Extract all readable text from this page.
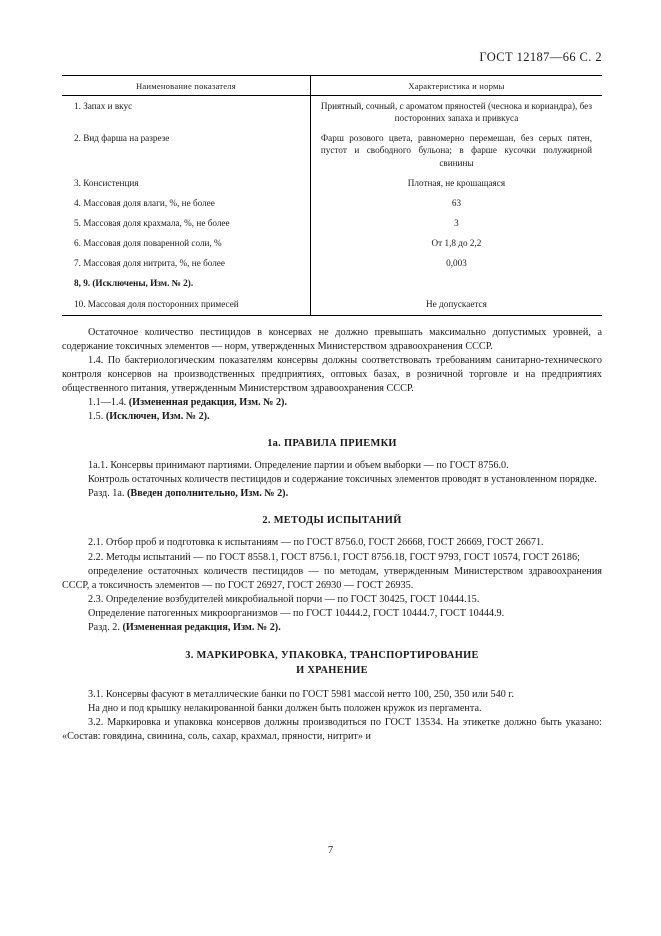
ГОСТ 12187—66 С. 2
Наименование показателя	Характеристика и нормы
1. Запах и вкус	Приятный, сочный, с ароматом пряностей (чеснока и кориандра), без посторонних запаха и привкуса
2. Вид фарша на разрезе	Фарш розового цвета, равномерно перемешан, без серых пятен, пустот и свободного бульона; в фарше кусочки полужирной свинины
3. Консистенция	Плотная, не крошащаяся
4. Массовая доля влаги, %, не более	63
5. Массовая доля крахмала, %, не более	3
6. Массовая доля поваренной соли, %	От 1,8 до 2,2
7. Массовая доля нитрита, %, не более	0,003
8, 9. (Исключены, Изм. № 2).	
10. Массовая доля посторонних примесей	Не допускается

Остаточное количество пестицидов в консервах не должно превышать максимально допустимых уровней, а содержание токсичных элементов — норм, утвержденных Министерством здравоохранения СССР.

1.4. По бактериологическим показателям консервы должны соответствовать требованиям санитарно-технического контроля консервов на производственных предприятиях, оптовых базах, в розничной торговле и на предприятиях общественного питания, утвержденным Министерством здравоохранения СССР.

1.1—1.4. (Измененная редакция, Изм. № 2).

1.5. (Исключен, Изм. № 2).

1а. ПРАВИЛА ПРИЕМКИ

1а.1. Консервы принимают партиями. Определение партии и объем выборки — по ГОСТ 8756.0.

Контроль остаточных количеств пестицидов и содержание токсичных элементов проводят в установленном порядке.

Разд. 1а. (Введен дополнительно, Изм. № 2).

2. МЕТОДЫ ИСПЫТАНИЙ

2.1. Отбор проб и подготовка к испытаниям — по ГОСТ 8756.0, ГОСТ 26668, ГОСТ 26669, ГОСТ 26671.

2.2. Методы испытаний — по ГОСТ 8558.1, ГОСТ 8756.1, ГОСТ 8756.18, ГОСТ 9793, ГОСТ 10574, ГОСТ 26186;

определение остаточных количеств пестицидов — по методам, утвержденным Министерством здравоохранения СССР, а токсичность элементов — по ГОСТ 26927, ГОСТ 26930 — ГОСТ 26935.

2.3. Определение возбудителей микробиальной порчи — по ГОСТ 30425, ГОСТ 10444.15.

Определение патогенных микроорганизмов — по ГОСТ 10444.2, ГОСТ 10444.7, ГОСТ 10444.9.

Разд. 2. (Измененная редакция, Изм. № 2).

3. МАРКИРОВКА, УПАКОВКА, ТРАНСПОРТИРОВАНИЕ
И ХРАНЕНИЕ

3.1. Консервы фасуют в металлические банки по ГОСТ 5981 массой нетто 100, 250, 350 или 540 г.

На дно и под крышку нелакированной банки должен быть положен кружок из пергамента.

3.2. Маркировка и упаковка консервов должны производиться по ГОСТ 13534. На этикетке должно быть указано: «Состав: говядина, свинина, соль, сахар, крахмал, пряности, нитрит» и

7
